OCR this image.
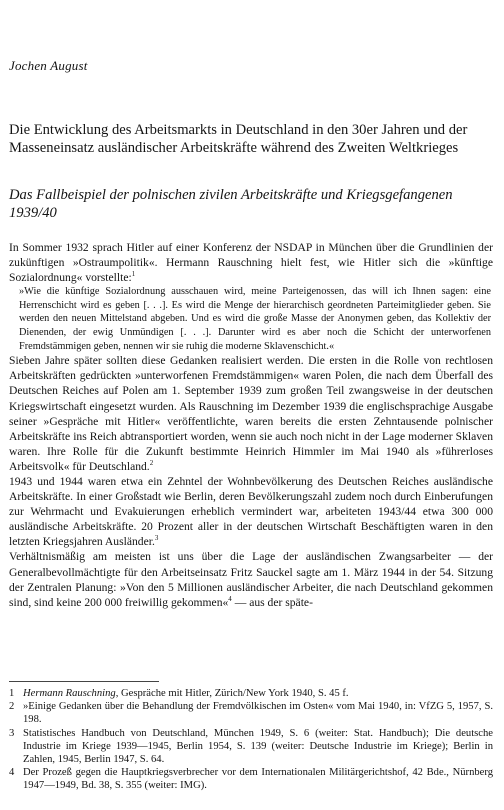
Jochen August
Die Entwicklung des Arbeitsmarkts in Deutschland in den 30er Jahren und der Masseneinsatz ausländischer Arbeitskräfte während des Zweiten Weltkrieges
Das Fallbeispiel der polnischen zivilen Arbeitskräfte und Kriegsgefangenen 1939/40

In Sommer 1932 sprach Hitler auf einer Konferenz der NSDAP in München über die Grundlinien der zukünftigen »Ostraumpolitik«. Hermann Rauschning hielt fest, wie Hitler sich die »künftige Sozialordnung« vorstellte:$^1$

»Wie die künftige Sozialordnung ausschauen wird, meine Parteigenossen, das will ich Ihnen sagen: eine Herrenschicht wird es geben [. . .]. Es wird die Menge der hierarchisch geordneten Parteimitglieder geben. Sie werden den neuen Mittelstand abgeben. Und es wird die große Masse der Anonymen geben, das Kollektiv der Dienenden, der ewig Unmündigen [. . .]. Darunter wird es aber noch die Schicht der unterworfenen Fremdstämmigen geben, nennen wir sie ruhig die moderne Sklavenschicht.«

Sieben Jahre später sollten diese Gedanken realisiert werden. Die ersten in die Rolle von rechtlosen Arbeitskräften gedrückten »unterworfenen Fremdstämmigen« waren Polen, die nach dem Überfall des Deutschen Reiches auf Polen am 1. September 1939 zum großen Teil zwangsweise in der deutschen Kriegswirtschaft eingesetzt wurden. Als Rauschning im Dezember 1939 die englischsprachige Ausgabe seiner »Gespräche mit Hitler« veröffentlichte, waren bereits die ersten Zehntausende polnischer Arbeitskräfte ins Reich abtransportiert worden, wenn sie auch noch nicht in der Lage moderner Sklaven waren. Ihre Rolle für die Zukunft bestimmte Heinrich Himmler im Mai 1940 als »führerloses Arbeitsvolk« für Deutschland.$^2$

1943 und 1944 waren etwa ein Zehntel der Wohnbevölkerung des Deutschen Reiches ausländische Arbeitskräfte. In einer Großstadt wie Berlin, deren Bevölkerungszahl zudem noch durch Einberufungen zur Wehrmacht und Evakuierungen erheblich vermindert war, arbeiteten 1943/44 etwa 300 000 ausländische Arbeitskräfte. 20 Prozent aller in der deutschen Wirtschaft Beschäftigten waren in den letzten Kriegsjahren Ausländer.$^3$

Verhältnismäßig am meisten ist uns über die Lage der ausländischen Zwangsarbeiter — der Generalbevollmächtigte für den Arbeitseinsatz Fritz Sauckel sagte am 1. März 1944 in der 54. Sitzung der Zentralen Planung: »Von den 5 Millionen ausländischer Arbeiter, die nach Deutschland gekommen sind, sind keine 200 000 freiwillig gekommen«$^4$ — aus der späte-

1 Hermann Rauschning, Gespräche mit Hitler, Zürich/New York 1940, S. 45 f.
2 »Einige Gedanken über die Behandlung der Fremdvölkischen im Osten« vom Mai 1940, in: VfZG 5, 1957, S. 198.
3 Statistisches Handbuch von Deutschland, München 1949, S. 6 (weiter: Stat. Handbuch); Die deutsche Industrie im Kriege 1939—1945, Berlin 1954, S. 139 (weiter: Deutsche Industrie im Kriege); Berlin in Zahlen, 1945, Berlin 1947, S. 64.
4 Der Prozeß gegen die Hauptkriegsverbrecher vor dem Internationalen Militärgerichtshof, 42 Bde., Nürnberg 1947—1949, Bd. 38, S. 355 (weiter: IMG).
